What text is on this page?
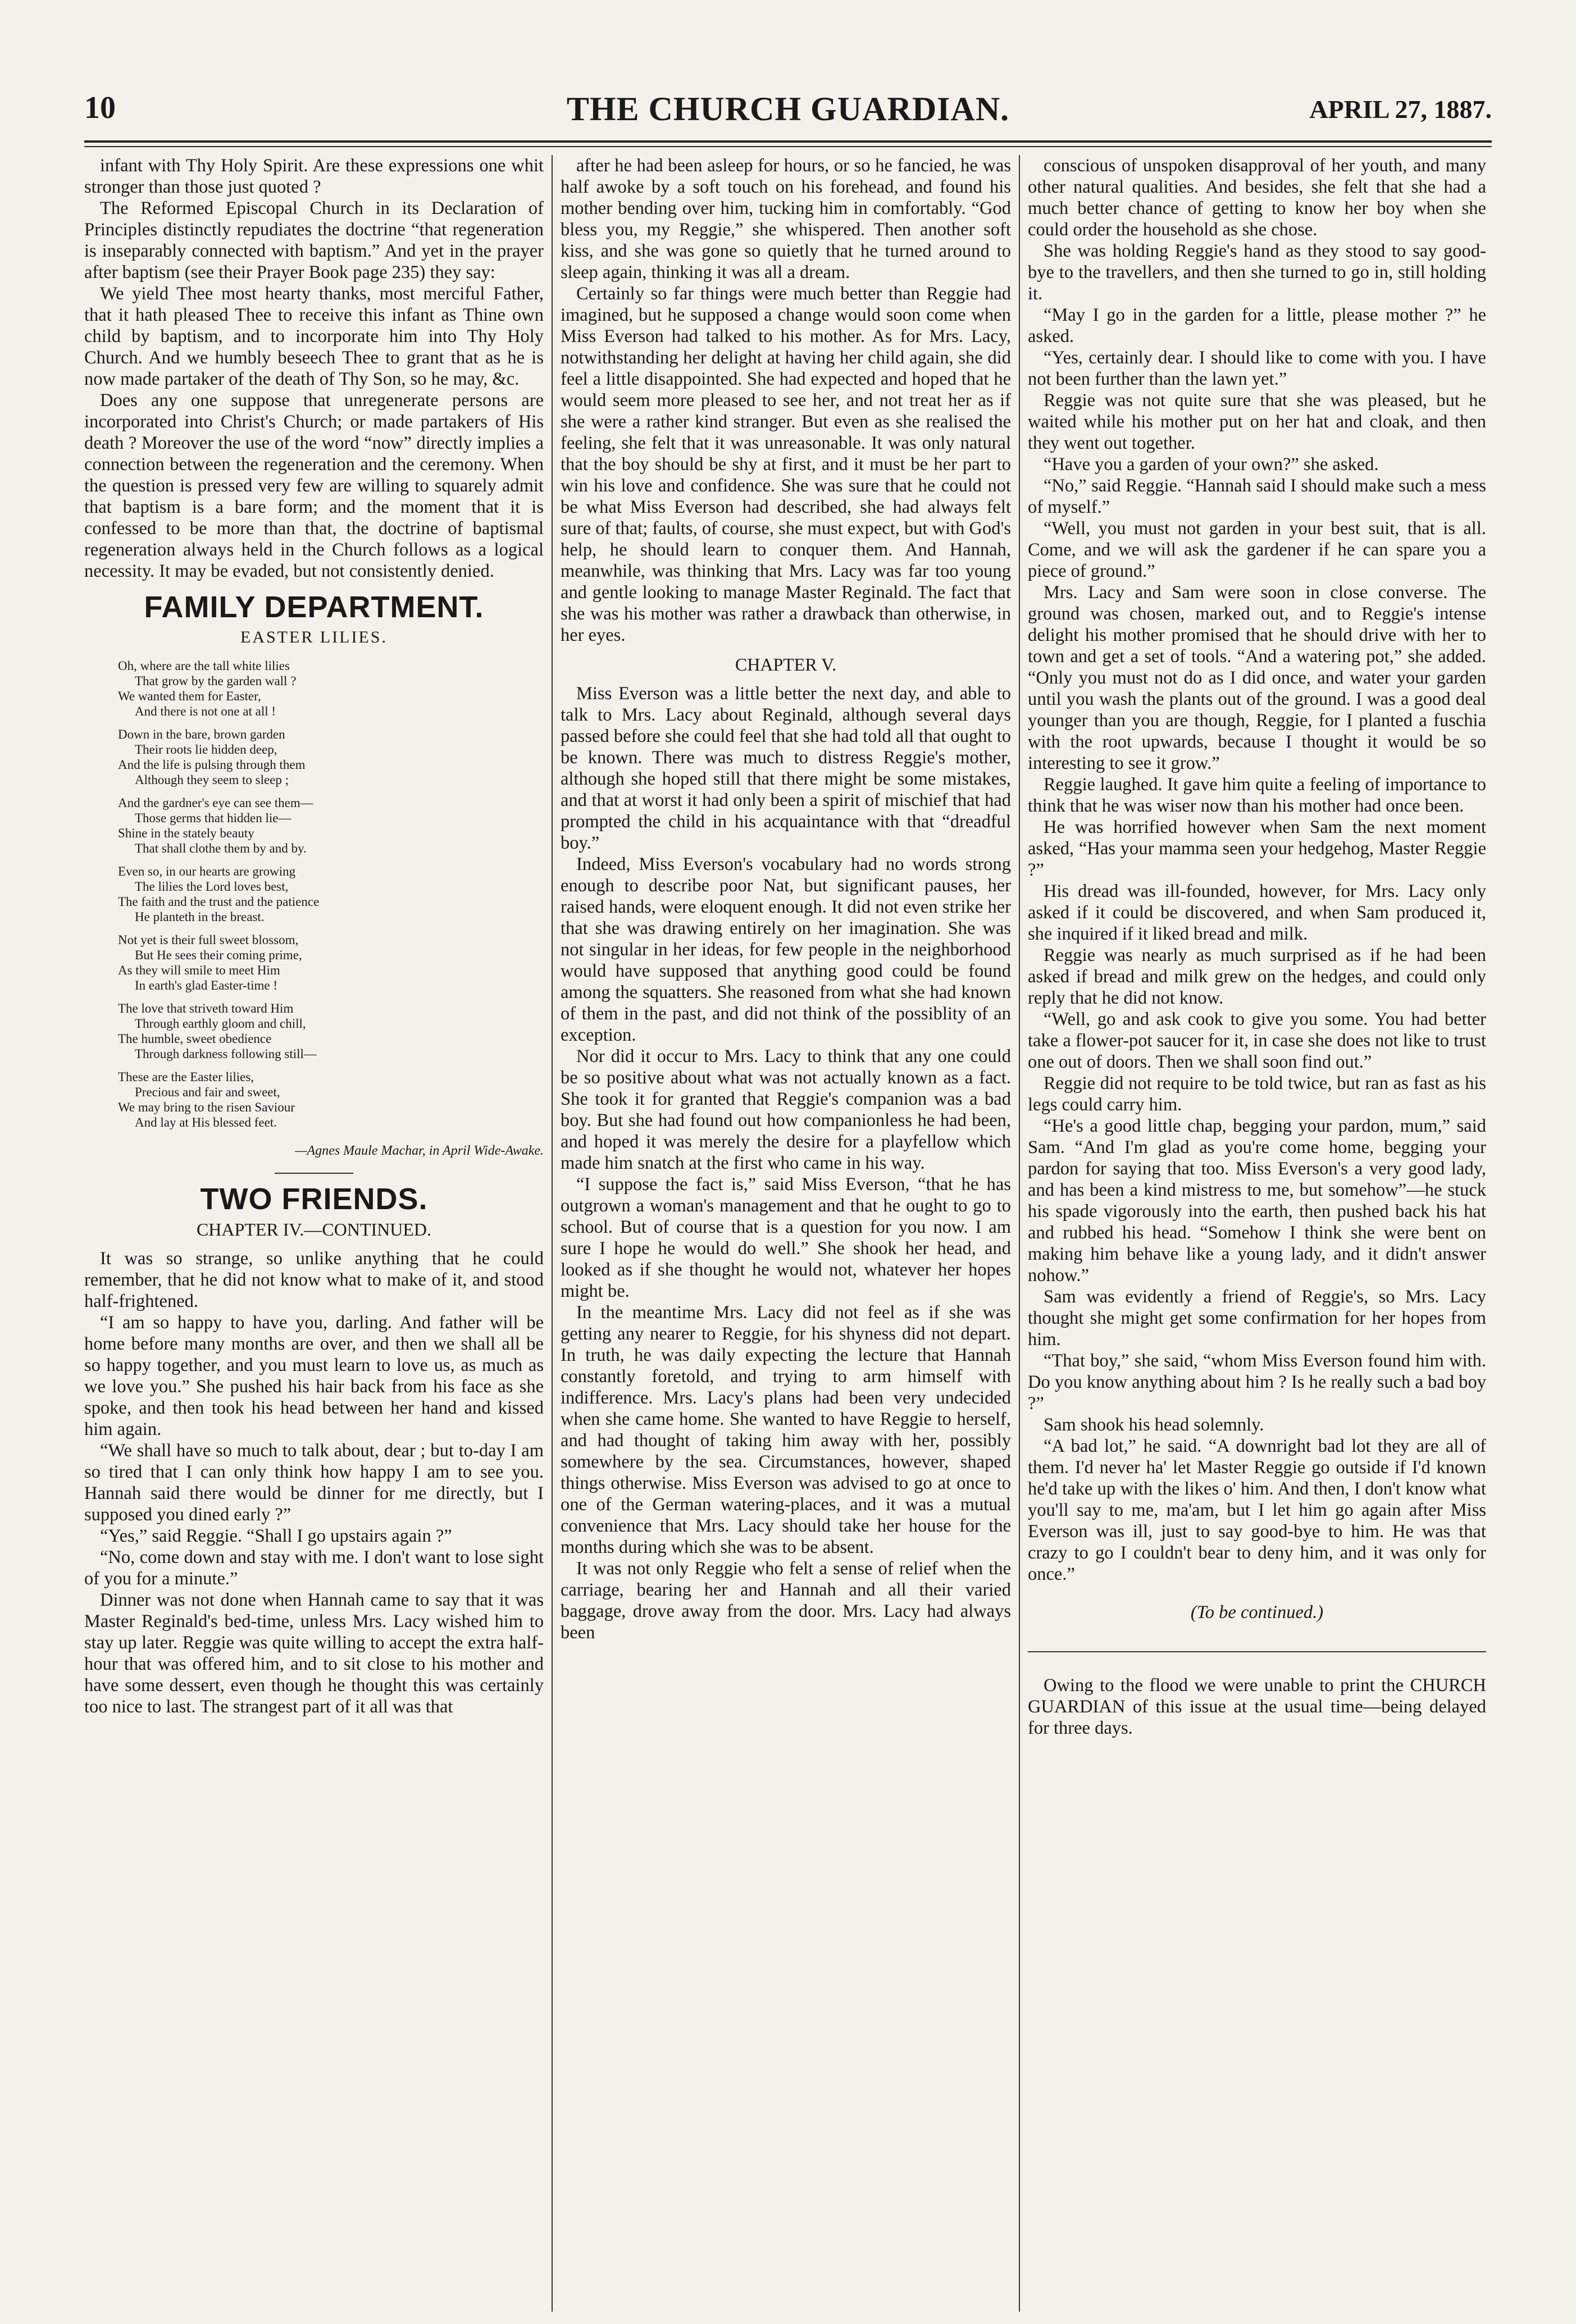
10	THE CHURCH GUARDIAN.	APRIL 27, 1887.

infant with Thy Holy Spirit. Are these expressions one whit stronger than those just quoted ?

The Reformed Episcopal Church in its Declaration of Principles distinctly repudiates the doctrine “that regeneration is inseparably connected with baptism.” And yet in the prayer after baptism (see their Prayer Book page 235) they say:

We yield Thee most hearty thanks, most merciful Father, that it hath pleased Thee to receive this infant as Thine own child by baptism, and to incorporate him into Thy Holy Church. And we humbly beseech Thee to grant that as he is now made partaker of the death of Thy Son, so he may, &c.

Does any one suppose that unregenerate persons are incorporated into Christ's Church; or made partakers of His death ? Moreover the use of the word “now” directly implies a connection between the regeneration and the ceremony. When the question is pressed very few are willing to squarely admit that baptism is a bare form; and the moment that it is confessed to be more than that, the doctrine of baptismal regeneration always held in the Church follows as a logical necessity. It may be evaded, but not consistently denied.

FAMILY DEPARTMENT.
EASTER LILIES.
Oh, where are the tall white lilies
That grow by the garden wall ?
We wanted them for Easter,
And there is not one at all !
Down in the bare, brown garden
Their roots lie hidden deep,
And the life is pulsing through them
Although they seem to sleep ;
And the gardner's eye can see them—
Those germs that hidden lie—
Shine in the stately beauty
That shall clothe them by and by.
Even so, in our hearts are growing
The lilies the Lord loves best,
The faith and the trust and the patience
He planteth in the breast.
Not yet is their full sweet blossom,
But He sees their coming prime,
As they will smile to meet Him
In earth's glad Easter-time !
The love that striveth toward Him
Through earthly gloom and chill,
The humble, sweet obedience
Through darkness following still—
These are the Easter lilies,
Precious and fair and sweet,
We may bring to the risen Saviour
And lay at His blessed feet.
—Agnes Maule Machar, in April Wide-Awake.
TWO FRIENDS.
CHAPTER IV.—CONTINUED.

It was so strange, so unlike anything that he could remember, that he did not know what to make of it, and stood half-frightened.

“I am so happy to have you, darling. And father will be home before many months are over, and then we shall all be so happy together, and you must learn to love us, as much as we love you.” She pushed his hair back from his face as she spoke, and then took his head between her hand and kissed him again.

“We shall have so much to talk about, dear ; but to-day I am so tired that I can only think how happy I am to see you. Hannah said there would be dinner for me directly, but I supposed you dined early ?”

“Yes,” said Reggie. “Shall I go upstairs again ?”

“No, come down and stay with me. I don't want to lose sight of you for a minute.”

Dinner was not done when Hannah came to say that it was Master Reginald's bed-time, unless Mrs. Lacy wished him to stay up later. Reggie was quite willing to accept the extra half-hour that was offered him, and to sit close to his mother and have some dessert, even though he thought this was certainly too nice to last. The strangest part of it all was that

after he had been asleep for hours, or so he fancied, he was half awoke by a soft touch on his forehead, and found his mother bending over him, tucking him in comfortably. “God bless you, my Reggie,” she whispered. Then another soft kiss, and she was gone so quietly that he turned around to sleep again, thinking it was all a dream.

Certainly so far things were much better than Reggie had imagined, but he supposed a change would soon come when Miss Everson had talked to his mother. As for Mrs. Lacy, notwithstanding her delight at having her child again, she did feel a little disappointed. She had expected and hoped that he would seem more pleased to see her, and not treat her as if she were a rather kind stranger. But even as she realised the feeling, she felt that it was unreasonable. It was only natural that the boy should be shy at first, and it must be her part to win his love and confidence. She was sure that he could not be what Miss Everson had described, she had always felt sure of that; faults, of course, she must expect, but with God's help, he should learn to conquer them. And Hannah, meanwhile, was thinking that Mrs. Lacy was far too young and gentle looking to manage Master Reginald. The fact that she was his mother was rather a drawback than otherwise, in her eyes.

CHAPTER V.

Miss Everson was a little better the next day, and able to talk to Mrs. Lacy about Reginald, although several days passed before she could feel that she had told all that ought to be known. There was much to distress Reggie's mother, although she hoped still that there might be some mistakes, and that at worst it had only been a spirit of mischief that had prompted the child in his acquaintance with that “dreadful boy.”

Indeed, Miss Everson's vocabulary had no words strong enough to describe poor Nat, but significant pauses, her raised hands, were eloquent enough. It did not even strike her that she was drawing entirely on her imagination. She was not singular in her ideas, for few people in the neighborhood would have supposed that anything good could be found among the squatters. She reasoned from what she had known of them in the past, and did not think of the possiblity of an exception.

Nor did it occur to Mrs. Lacy to think that any one could be so positive about what was not actually known as a fact. She took it for granted that Reggie's companion was a bad boy. But she had found out how companionless he had been, and hoped it was merely the desire for a playfellow which made him snatch at the first who came in his way.

“I suppose the fact is,” said Miss Everson, “that he has outgrown a woman's management and that he ought to go to school. But of course that is a question for you now. I am sure I hope he would do well.” She shook her head, and looked as if she thought he would not, whatever her hopes might be.

In the meantime Mrs. Lacy did not feel as if she was getting any nearer to Reggie, for his shyness did not depart. In truth, he was daily expecting the lecture that Hannah constantly foretold, and trying to arm himself with indifference. Mrs. Lacy's plans had been very undecided when she came home. She wanted to have Reggie to herself, and had thought of taking him away with her, possibly somewhere by the sea. Circumstances, however, shaped things otherwise. Miss Everson was advised to go at once to one of the German watering-places, and it was a mutual convenience that Mrs. Lacy should take her house for the months during which she was to be absent.

It was not only Reggie who felt a sense of relief when the carriage, bearing her and Hannah and all their varied baggage, drove away from the door. Mrs. Lacy had always been

conscious of unspoken disapproval of her youth, and many other natural qualities. And besides, she felt that she had a much better chance of getting to know her boy when she could order the household as she chose.

She was holding Reggie's hand as they stood to say good-bye to the travellers, and then she turned to go in, still holding it.

“May I go in the garden for a little, please mother ?” he asked.

“Yes, certainly dear. I should like to come with you. I have not been further than the lawn yet.”

Reggie was not quite sure that she was pleased, but he waited while his mother put on her hat and cloak, and then they went out together.

“Have you a garden of your own?” she asked.

“No,” said Reggie. “Hannah said I should make such a mess of myself.”

“Well, you must not garden in your best suit, that is all. Come, and we will ask the gardener if he can spare you a piece of ground.”

Mrs. Lacy and Sam were soon in close converse. The ground was chosen, marked out, and to Reggie's intense delight his mother promised that he should drive with her to town and get a set of tools. “And a watering pot,” she added. “Only you must not do as I did once, and water your garden until you wash the plants out of the ground. I was a good deal younger than you are though, Reggie, for I planted a fuschia with the root upwards, because I thought it would be so interesting to see it grow.”

Reggie laughed. It gave him quite a feeling of importance to think that he was wiser now than his mother had once been.

He was horrified however when Sam the next moment asked, “Has your mamma seen your hedgehog, Master Reggie ?”

His dread was ill-founded, however, for Mrs. Lacy only asked if it could be discovered, and when Sam produced it, she inquired if it liked bread and milk.

Reggie was nearly as much surprised as if he had been asked if bread and milk grew on the hedges, and could only reply that he did not know.

“Well, go and ask cook to give you some. You had better take a flower-pot saucer for it, in case she does not like to trust one out of doors. Then we shall soon find out.”

Reggie did not require to be told twice, but ran as fast as his legs could carry him.

“He's a good little chap, begging your pardon, mum,” said Sam. “And I'm glad as you're come home, begging your pardon for saying that too. Miss Everson's a very good lady, and has been a kind mistress to me, but somehow”—he stuck his spade vigorously into the earth, then pushed back his hat and rubbed his head. “Somehow I think she were bent on making him behave like a young lady, and it didn't answer nohow.”

Sam was evidently a friend of Reggie's, so Mrs. Lacy thought she might get some confirmation for her hopes from him.

“That boy,” she said, “whom Miss Everson found him with. Do you know anything about him ? Is he really such a bad boy ?”

Sam shook his head solemnly.

“A bad lot,” he said. “A downright bad lot they are all of them. I'd never ha' let Master Reggie go outside if I'd known he'd take up with the likes o' him. And then, I don't know what you'll say to me, ma'am, but I let him go again after Miss Everson was ill, just to say good-bye to him. He was that crazy to go I couldn't bear to deny him, and it was only for once.”

(To be continued.)

Owing to the flood we were unable to print the CHURCH GUARDIAN of this issue at the usual time—being delayed for three days.
